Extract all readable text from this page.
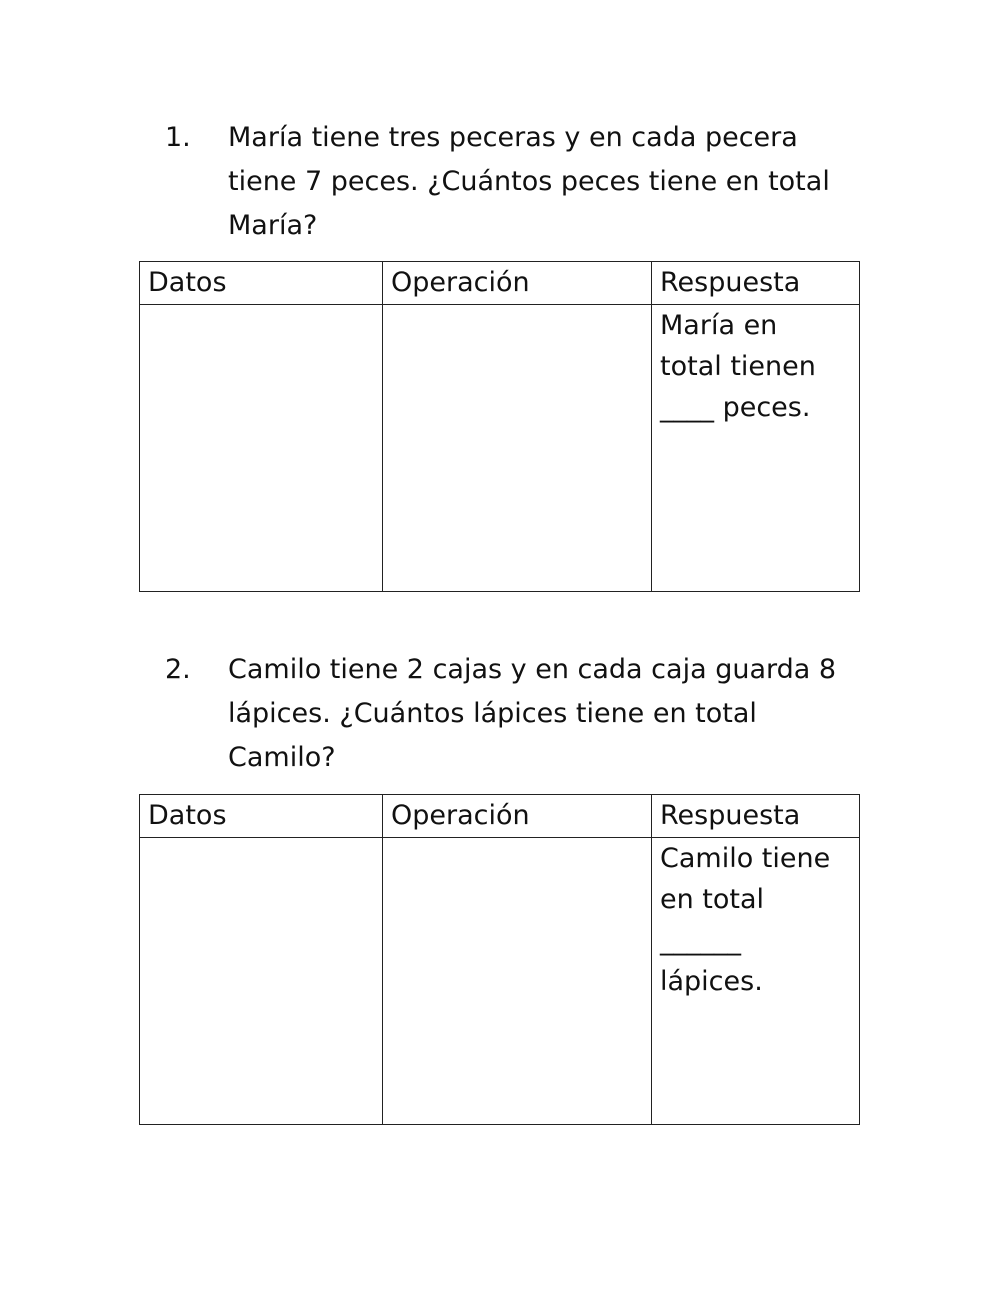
1. María tiene tres peceras y en cada pecera
tiene 7 peces. ¿Cuántos peces tiene en total
María?
Datos	Operación	Respuesta

		María en
total tienen
____ peces.
2. Camilo tiene 2 cajas y en cada caja guarda 8
lápices. ¿Cuántos lápices tiene en total
Camilo?
Datos	Operación	Respuesta

		Camilo tiene
en total
______
lápices.
